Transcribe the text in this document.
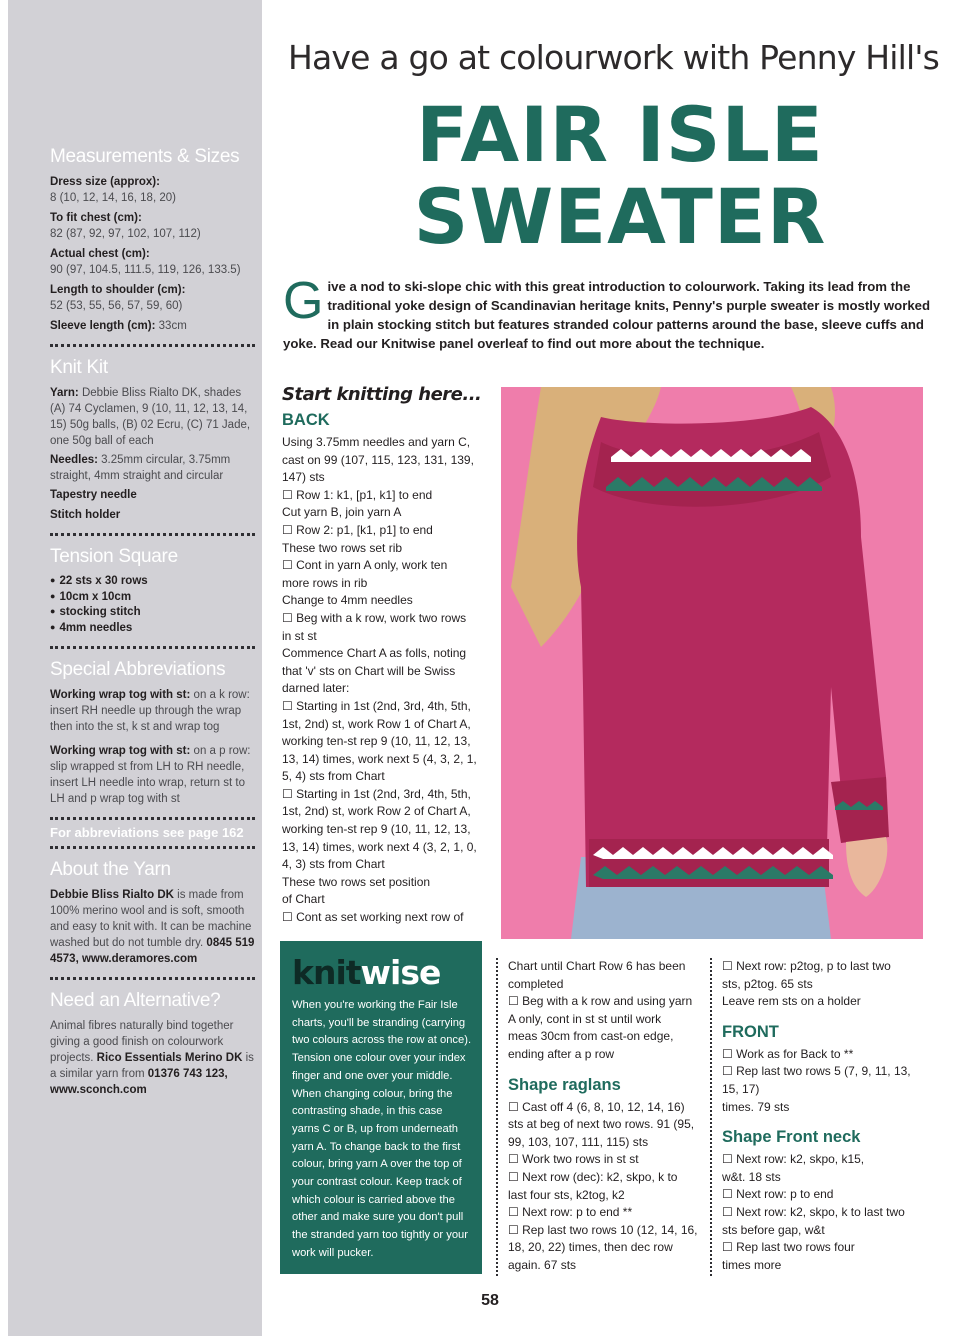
Measurements & Sizes
Dress size (approx):
8 (10, 12, 14, 16, 18, 20)
To fit chest (cm):
82 (87, 92, 97, 102, 107, 112)
Actual chest (cm):
90 (97, 104.5, 111.5, 119, 126, 133.5)
Length to shoulder (cm):
52 (53, 55, 56, 57, 59, 60)

Sleeve length (cm): 33cm

Knit Kit

Yarn: Debbie Bliss Rialto DK, shades (A) 74 Cyclamen, 9 (10, 11, 12, 13, 14, 15) 50g balls, (B) 02 Ecru, (C) 71 Jade, one 50g ball of each

Needles: 3.25mm circular, 3.75mm straight, 4mm straight and circular

Tapestry needle

Stitch holder

Tension Square
● 22 sts x 30 rows
● 10cm x 10cm
● stocking stitch
● 4mm needles
Special Abbreviations

Working wrap tog with st: on a k row: insert RH needle up through the wrap then into the st, k st and wrap tog

Working wrap tog with st: on a p row: slip wrapped st from LH to RH needle, insert LH needle into wrap, return st to LH and p wrap tog with st

For abbreviations see page 162

About the Yarn

Debbie Bliss Rialto DK is made from 100% merino wool and is soft, smooth and easy to knit with. It can be machine washed but do not tumble dry. 0845 519 4573, www.deramores.com

Need an Alternative?

Animal fibres naturally bind together giving a good finish on colourwork projects. Rico Essentials Merino DK is a similar yarn from 01376 743 123, www.sconch.com

Have a go at colourwork with Penny Hill's
FAIR ISLE
SWEATER

Give a nod to ski-slope chic with this great introduction to colourwork. Taking its lead from the traditional yoke design of Scandinavian heritage knits, Penny's purple sweater is mostly worked in plain stocking stitch but features stranded colour patterns around the base, sleeve cuffs and yoke. Read our Knitwise panel overleaf to find out more about the technique.

Start knitting here...
BACK

Using 3.75mm needles and yarn C,
cast on 99 (107, 115, 123, 131, 139,
147) sts
☐ Row 1: k1, [p1, k1] to end
Cut yarn B, join yarn A
☐ Row 2: p1, [k1, p1] to end
These two rows set rib
☐ Cont in yarn A only, work ten
more rows in rib
Change to 4mm needles
☐ Beg with a k row, work two rows
in st st
Commence Chart A as folls, noting
that 'v' sts on Chart will be Swiss
darned later:
☐ Starting in 1st (2nd, 3rd, 4th, 5th,
1st, 2nd) st, work Row 1 of Chart A,
working ten-st rep 9 (10, 11, 12, 13,
13, 14) times, work next 5 (4, 3, 2, 1,
5, 4) sts from Chart
☐ Starting in 1st (2nd, 3rd, 4th, 5th,
1st, 2nd) st, work Row 2 of Chart A,
working ten-st rep 9 (10, 11, 12, 13,
13, 14) times, work next 4 (3, 2, 1, 0,
4, 3) sts from Chart
These two rows set position
of Chart
☐ Cont as set working next row of

knitwise

When you're working the Fair Isle charts, you'll be stranding (carrying two colours across the row at once). Tension one colour over your index finger and one over your middle. When changing colour, bring the contrasting shade, in this case yarns C or B, up from underneath yarn A. To change back to the first colour, bring yarn A over the top of your contrast colour. Keep track of which colour is carried above the other and make sure you don't pull the stranded yarn too tightly or your work will pucker.

Chart until Chart Row 6 has been
completed
☐ Beg with a k row and using yarn
A only, cont in st st until work
meas 30cm from cast-on edge,
ending after a p row

Shape raglans

☐ Cast off 4 (6, 8, 10, 12, 14, 16)
sts at beg of next two rows. 91 (95,
99, 103, 107, 111, 115) sts
☐ Work two rows in st st
☐ Next row (dec): k2, skpo, k to
last four sts, k2tog, k2
☐ Next row: p to end **
☐ Rep last two rows 10 (12, 14, 16,
18, 20, 22) times, then dec row
again. 67 sts

☐ Next row: p2tog, p to last two
sts, p2tog. 65 sts
Leave rem sts on a holder

FRONT

☐ Work as for Back to **
☐ Rep last two rows 5 (7, 9, 11, 13,
15, 17)
times. 79 sts

Shape Front neck

☐ Next row: k2, skpo, k15,
w&t. 18 sts
☐ Next row: p to end
☐ Next row: k2, skpo, k to last two
sts before gap, w&t
☐ Rep last two rows four
times more

58
